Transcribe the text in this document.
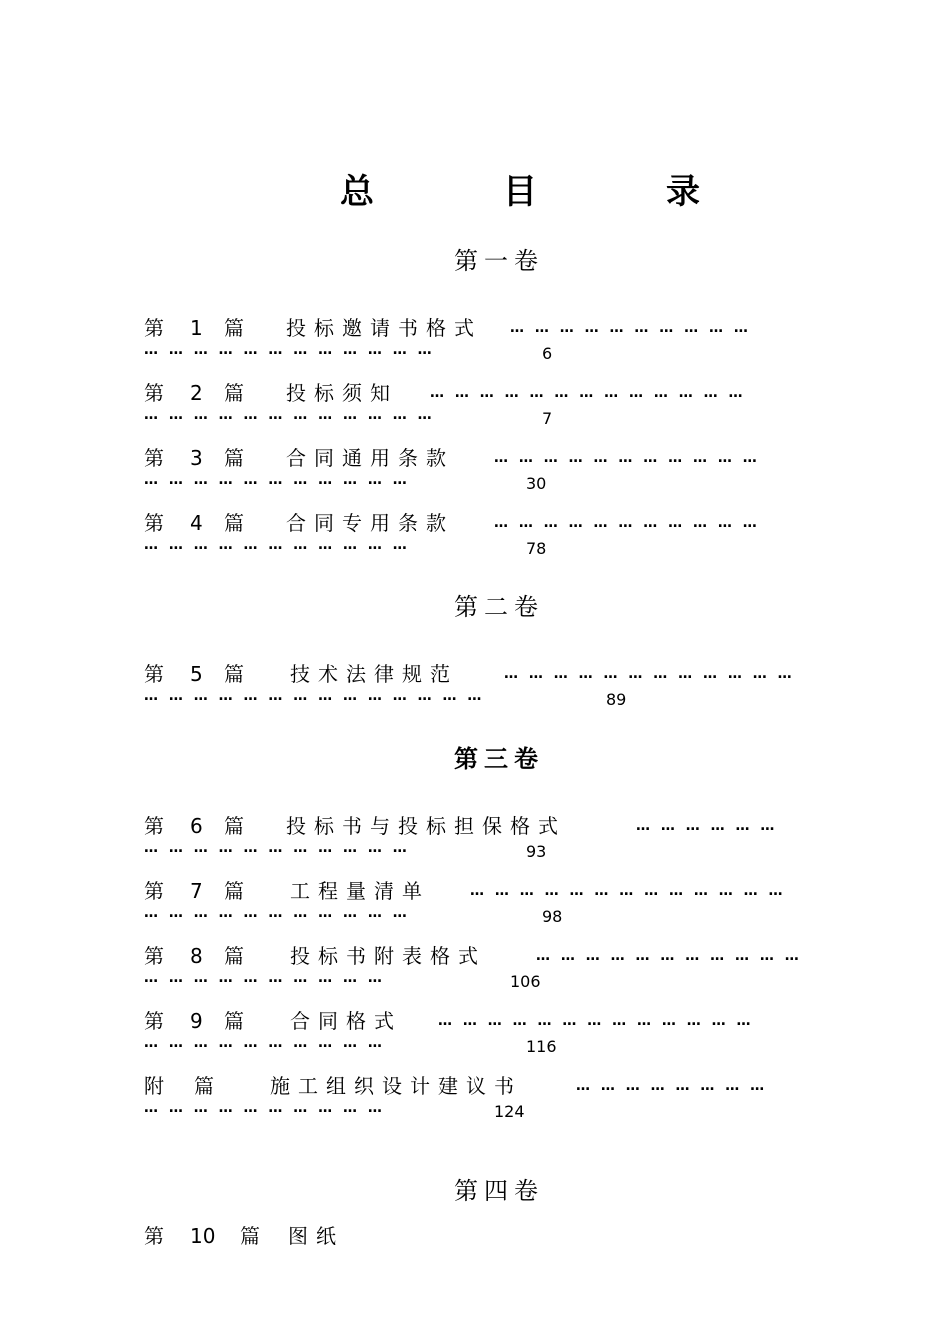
总	目	录
第一卷
第 1 篇	投标邀请书格式 … … … … … … … … … …
… … … … … … … … … … … …	6
第 2 篇	投标须知 … … … … … … … … … … … … …
… … … … … … … … … … … …	7
第 3 篇	合同通用条款	… … … … … … … … … … …
… … … … … … … … … … …	30
第 4 篇	合同专用条款	… … … … … … … … … … …
… … … … … … … … … … …	78
第二卷
第 5 篇	技术法律规范	… … … … … … … … … … … …
… … … … … … … … … … … … … …	89
第三卷
第 6 篇	投标书与投标担保格式	… … … … … …
… … … … … … … … … … …	93
第 7 篇	工程量清单	… … … … … … … … … … … … …
… … … … … … … … … … …	98
第 8 篇	投标书附表格式	… … … … … … … … … … …
… … … … … … … … … …	106
第 9 篇	合同格式	… … … … … … … … … … … … …
… … … … … … … … … …	116
附 篇	施工组织设计建议书	… … … … … … … …
… … … … … … … … … …	124
第四卷
第 10 篇	图纸
